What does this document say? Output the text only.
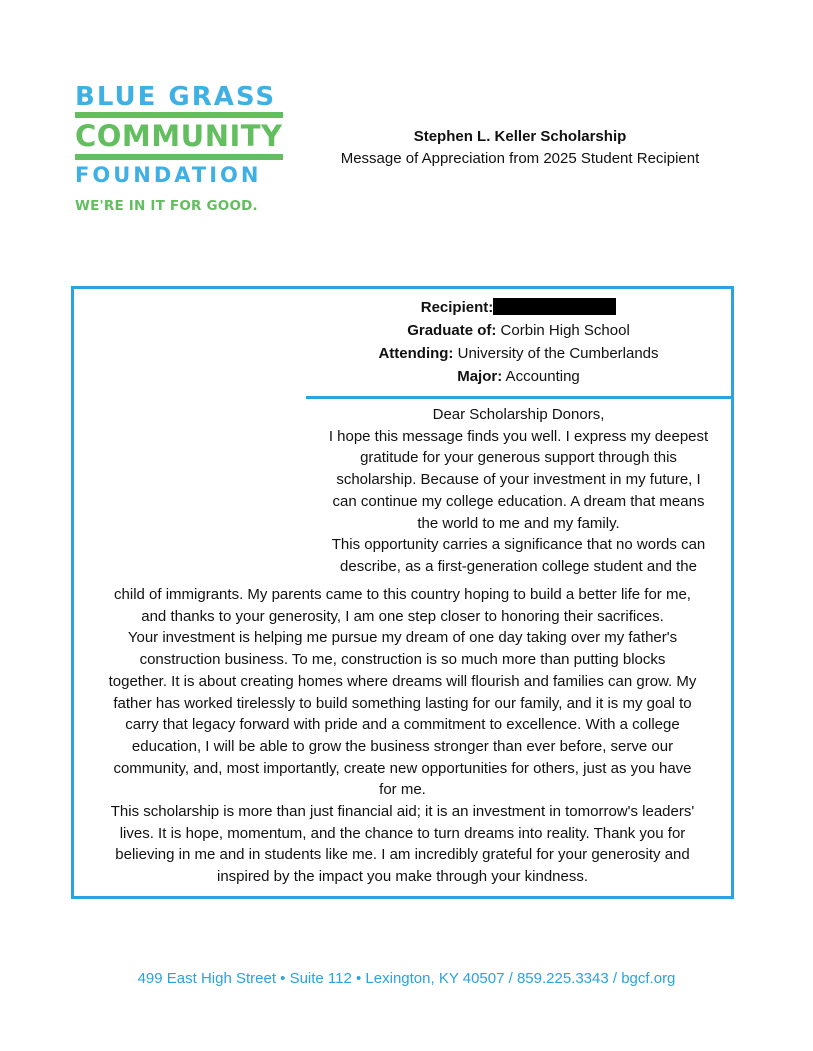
BLUE GRASS
COMMUNITY
FOUNDATION
WE'RE IN IT FOR GOOD.
Stephen L. Keller Scholarship
Message of Appreciation from 2025 Student Recipient
Recipient:
Graduate of: Corbin High School
Attending: University of the Cumberlands
Major: Accounting
Dear Scholarship Donors,
I hope this message finds you well. I express my deepest
gratitude for your generous support through this
scholarship. Because of your investment in my future, I
can continue my college education. A dream that means
the world to me and my family.
This opportunity carries a significance that no words can
describe, as a first-generation college student and the
child of immigrants. My parents came to this country hoping to build a better life for me,
and thanks to your generosity, I am one step closer to honoring their sacrifices.
Your investment is helping me pursue my dream of one day taking over my father's
construction business. To me, construction is so much more than putting blocks
together. It is about creating homes where dreams will flourish and families can grow. My
father has worked tirelessly to build something lasting for our family, and it is my goal to
carry that legacy forward with pride and a commitment to excellence. With a college
education, I will be able to grow the business stronger than ever before, serve our
community, and, most importantly, create new opportunities for others, just as you have
for me.
This scholarship is more than just financial aid; it is an investment in tomorrow's leaders'
lives. It is hope, momentum, and the chance to turn dreams into reality. Thank you for
believing in me and in students like me. I am incredibly grateful for your generosity and
inspired by the impact you make through your kindness.
499 East High Street • Suite 112 • Lexington, KY 40507 / 859.225.3343 / bgcf.org
